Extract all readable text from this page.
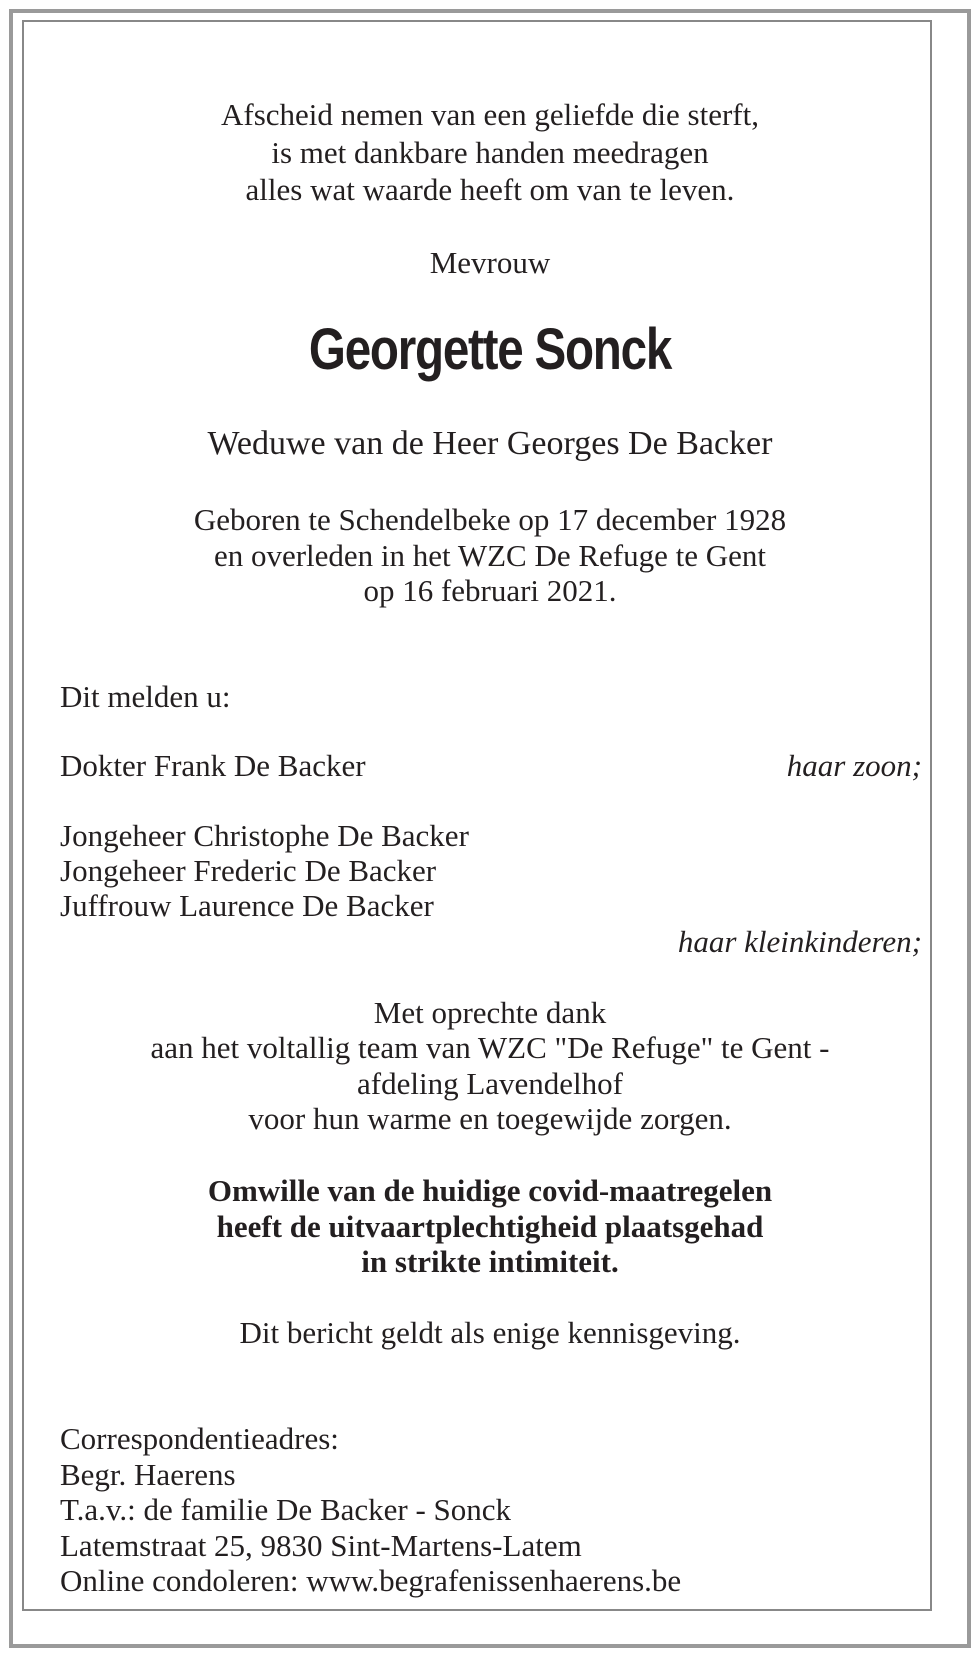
Afscheid nemen van een geliefde die sterft,
is met dankbare handen meedragen
alles wat waarde heeft om van te leven.
Mevrouw
Georgette Sonck
Weduwe van de Heer Georges De Backer
Geboren te Schendelbeke op 17 december 1928
en overleden in het WZC De Refuge te Gent
op 16 februari 2021.
Dit melden u:
Dokter Frank De Backer	haar zoon;
Jongeheer Christophe De Backer
Jongeheer Frederic De Backer
Juffrouw Laurence De Backer
haar kleinkinderen;
Met oprechte dank
aan het voltallig team van WZC "De Refuge" te Gent -
afdeling Lavendelhof
voor hun warme en toegewijde zorgen.
Omwille van de huidige covid-maatregelen
heeft de uitvaartplechtigheid plaatsgehad
in strikte intimiteit.
Dit bericht geldt als enige kennisgeving.
Correspondentieadres:
Begr. Haerens
T.a.v.: de familie De Backer - Sonck
Latemstraat 25, 9830 Sint-Martens-Latem
Online condoleren: www.begrafenissenhaerens.be
